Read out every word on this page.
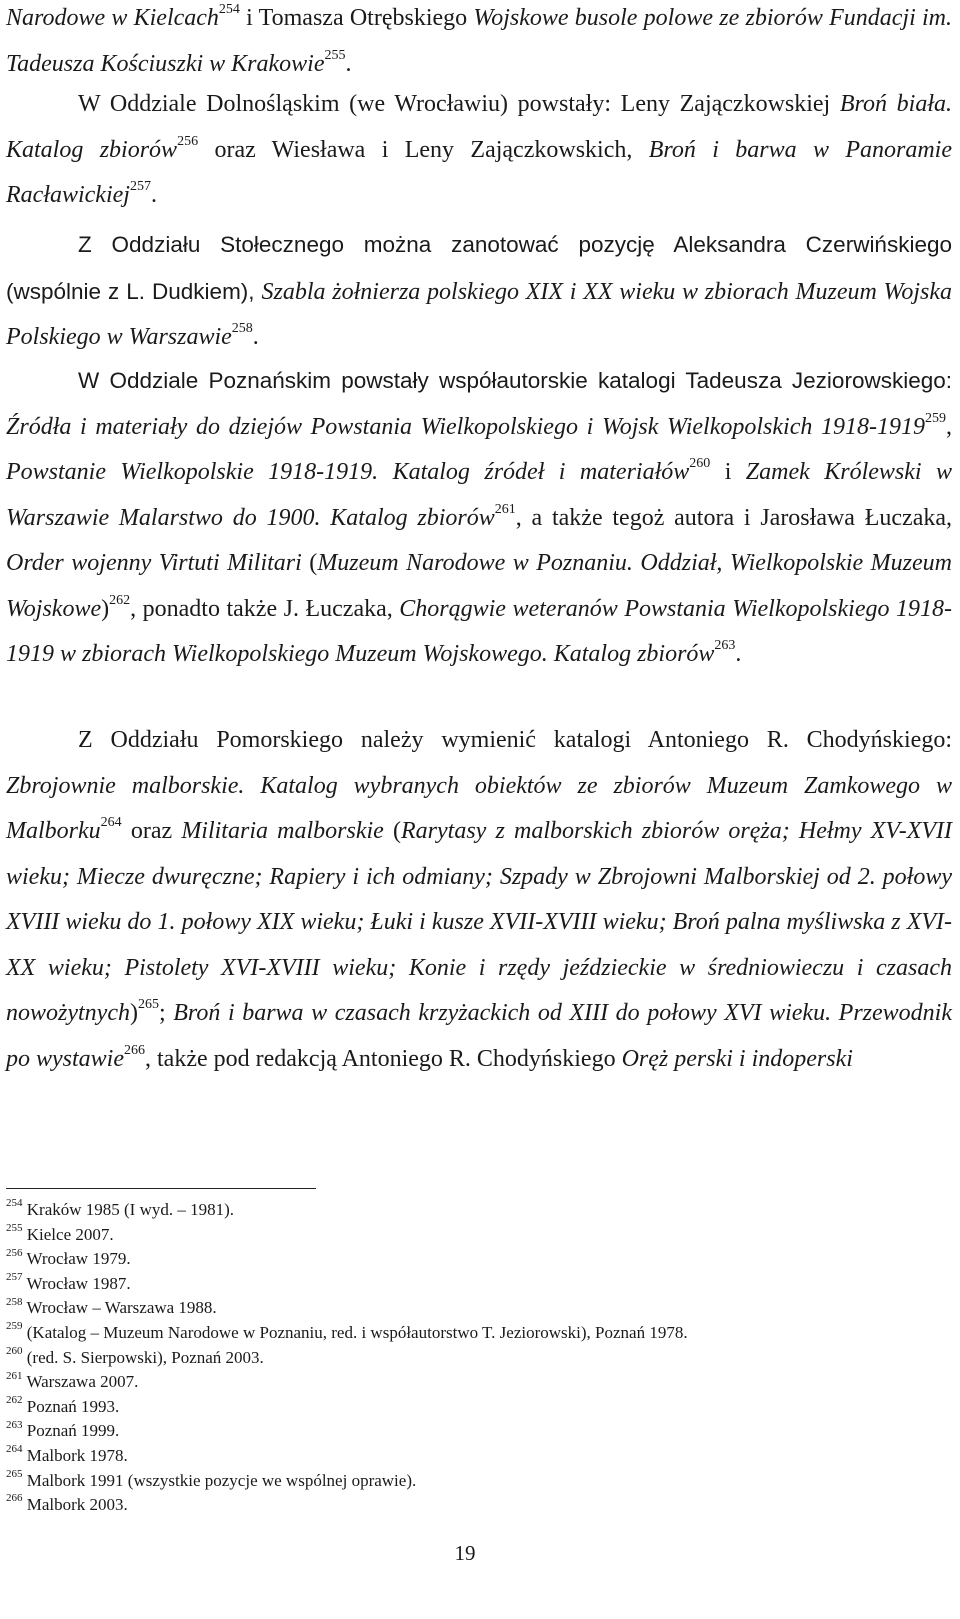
Narodowe w Kielcach$^{254}$ i Tomasza Otrębskiego Wojskowe busole polowe ze zbiorów Fundacji im. Tadeusza Kościuszki w Krakowie$^{255}$.

W Oddziale Dolnośląskim (we Wrocławiu) powstały: Leny Zajączkowskiej Broń biała. Katalog zbiorów$^{256}$ oraz Wiesława i Leny Zajączkowskich, Broń i barwa w Panoramie Racławickiej$^{257}$.

Z Oddziału Stołecznego można zanotować pozycję Aleksandra Czerwińskiego (wspólnie z L. Dudkiem), Szabla żołnierza polskiego XIX i XX wieku w zbiorach Muzeum Wojska Polskiego w Warszawie$^{258}$.

W Oddziale Poznańskim powstały współautorskie katalogi Tadeusza Jeziorowskiego: Źródła i materiały do dziejów Powstania Wielkopolskiego i Wojsk Wielkopolskich 1918-1919$^{259}$, Powstanie Wielkopolskie 1918-1919. Katalog źródeł i materiałów$^{260}$ i Zamek Królewski w Warszawie Malarstwo do 1900. Katalog zbiorów$^{261}$, a także tegoż autora i Jarosława Łuczaka, Order wojenny Virtuti Militari (Muzeum Narodowe w Poznaniu. Oddział, Wielkopolskie Muzeum Wojskowe)$^{262}$, ponadto także J. Łuczaka, Chorągwie weteranów Powstania Wielkopolskiego 1918-1919 w zbiorach Wielkopolskiego Muzeum Wojskowego. Katalog zbiorów$^{263}$.

Z Oddziału Pomorskiego należy wymienić katalogi Antoniego R. Chodyńskiego: Zbrojownie malborskie. Katalog wybranych obiektów ze zbiorów Muzeum Zamkowego w Malborku$^{264}$ oraz Militaria malborskie (Rarytasy z malborskich zbiorów oręża; Hełmy XV-XVII wieku; Miecze dwuręczne; Rapiery i ich odmiany; Szpady w Zbrojowni Malborskiej od 2. połowy XVIII wieku do 1. połowy XIX wieku; Łuki i kusze XVII-XVIII wieku; Broń palna myśliwska z XVI-XX wieku; Pistolety XVI-XVIII wieku; Konie i rzędy jeździeckie w średniowieczu i czasach nowożytnych)$^{265}$; Broń i barwa w czasach krzyżackich od XIII do połowy XVI wieku. Przewodnik po wystawie$^{266}$, także pod redakcją Antoniego R. Chodyńskiego Oręż perski i indoperski

$^{254}$ Kraków 1985 (I wyd. – 1981).
$^{255}$ Kielce 2007.
$^{256}$ Wrocław 1979.
$^{257}$ Wrocław 1987.
$^{258}$ Wrocław – Warszawa 1988.
$^{259}$ (Katalog – Muzeum Narodowe w Poznaniu, red. i współautorstwo T. Jeziorowski), Poznań 1978.
$^{260}$ (red. S. Sierpowski), Poznań 2003.
$^{261}$ Warszawa 2007.
$^{262}$ Poznań 1993.
$^{263}$ Poznań 1999.
$^{264}$ Malbork 1978.
$^{265}$ Malbork 1991 (wszystkie pozycje we wspólnej oprawie).
$^{266}$ Malbork 2003.
19
